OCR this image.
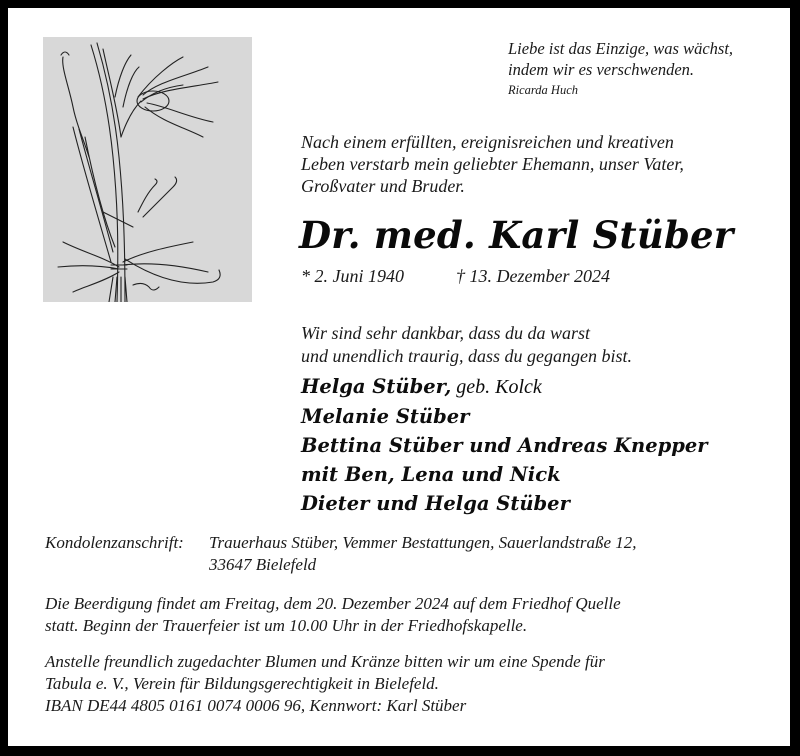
Liebe ist das Einzige, was wächst,
indem wir es verschwenden.
Ricarda Huch
Nach einem erfüllten, ereignisreichen und kreativen
Leben verstarb mein geliebter Ehemann, unser Vater,
Großvater und Bruder.
Dr. med. Karl Stüber
* 2. Juni 1940	† 13. Dezember 2024
Wir sind sehr dankbar, dass du da warst
und unendlich traurig, dass du gegangen bist.
Helga Stüber, geb. Kolck
Melanie Stüber
Bettina Stüber und Andreas Knepper
mit Ben, Lena und Nick
Dieter und Helga Stüber
Kondolenzanschrift:	Trauerhaus Stüber, Vemmer Bestattungen, Sauerlandstraße 12,
33647 Bielefeld
Die Beerdigung findet am Freitag, dem 20. Dezember 2024 auf dem Friedhof Quelle
statt. Beginn der Trauerfeier ist um 10.00 Uhr in der Friedhofskapelle.
Anstelle freundlich zugedachter Blumen und Kränze bitten wir um eine Spende für
Tabula e. V., Verein für Bildungsgerechtigkeit in Bielefeld.
IBAN DE44 4805 0161 0074 0006 96, Kennwort: Karl Stüber
